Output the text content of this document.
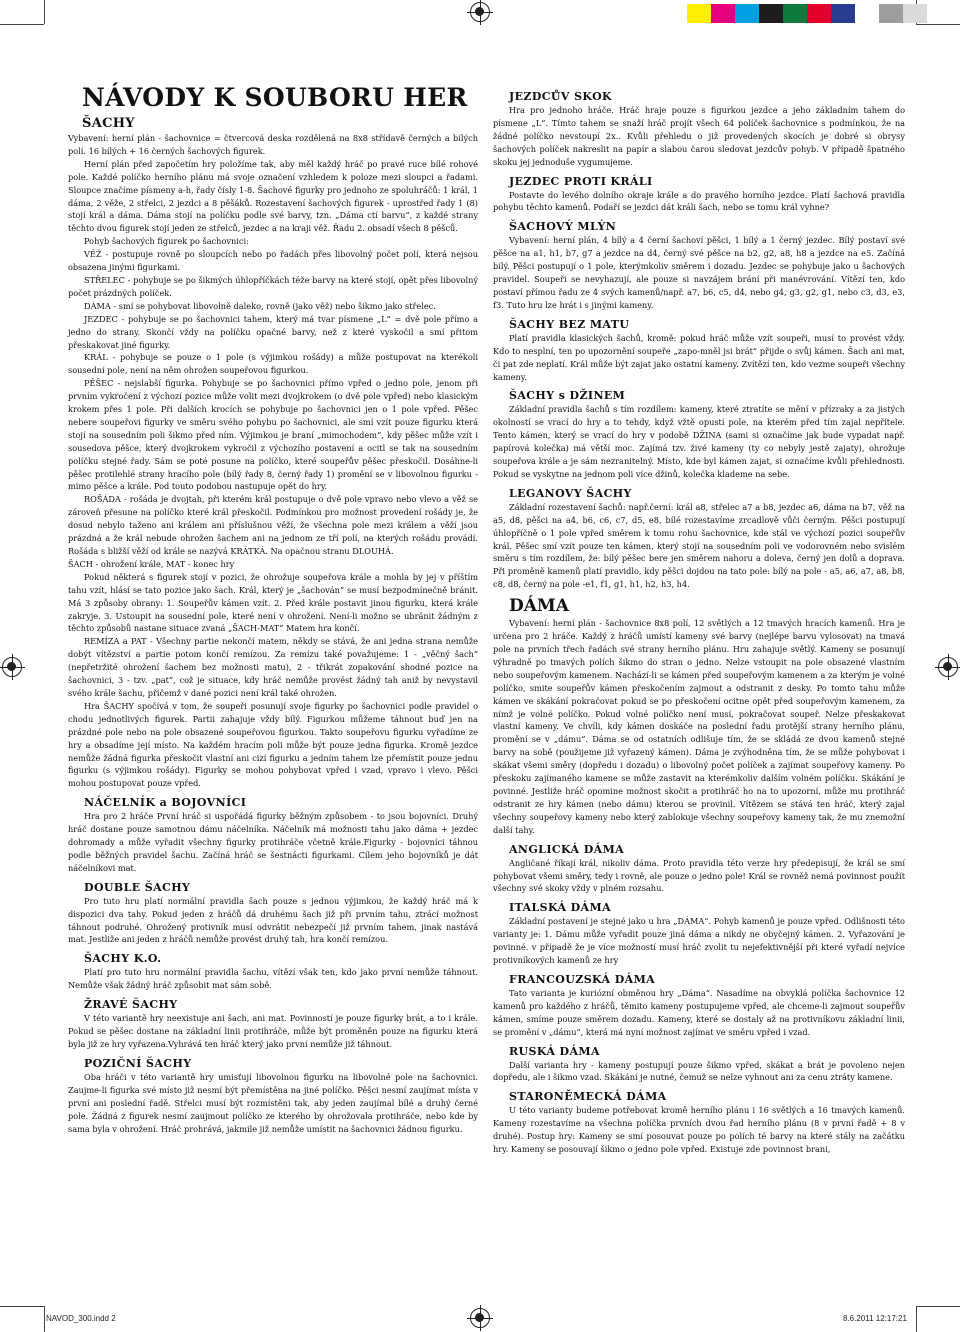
NÁVODY K SOUBORU HER
ŠACHY

Vybavení: herní plán - šachovnice = čtvercová deska rozdělená na 8x8 střídavě černých a bílých polí. 16 bílých + 16 černých šachových figurek.

Herní plán před započetím hry položíme tak, aby měl každý hráč po pravé ruce bílé rohové pole. Každé políčko herního plánu má svoje označení vzhledem k poloze mezi sloupci a řadami. Sloupce značíme písmeny a-h, řady čísly 1-8. Šachové figurky pro jednoho ze spoluhráčů: 1 král, 1 dáma, 2 věže, 2 střelci, 2 jezdci a 8 pěšáků. Rozestavení šachových figurek - uprostřed řady 1 (8) stojí král a dáma. Dáma stojí na políčku podle své barvy, tzn. „Dáma ctí barvu“, z každé strany těchto dvou figurek stojí jeden ze střelců, jezdec a na kraji věž. Řadu 2. obsadí všech 8 pěšců.

Pohyb šachových figurek po šachovnici:

VĚŽ - postupuje rovně po sloupcích nebo po řadách přes libovolný počet polí, která nejsou obsazena jinými figurkami.

STŘELEC - pohybuje se po šikmých úhlopříčkách téže barvy na které stojí, opět přes libovolný počet prázdných políček.

DÁMA - smí se pohybovat libovolně daleko, rovně (jako věž) nebo šikmo jako střelec.

JEZDEC - pohybuje se po šachovnici tahem, který má tvar písmene „L“ = dvě pole přímo a jedno do strany. Skončí vždy na políčku opačné barvy, než z které vyskočil a smí přitom přeskakovat jiné figurky.

KRÁL - pohybuje se pouze o 1 pole (s výjimkou rošády) a může postupovat na kterékoli sousední pole, není na něm ohrožen soupeřovou figurkou.

PĚŠEC - nejslabší figurka. Pohybuje se po šachovnici přímo vpřed o jedno pole, jenom při prvním vykročení z výchozí pozice může volit mezi dvojkrokem (o dvě pole vpřed) nebo klasickým krokem přes 1 pole. Při dalších krocích se pohybuje po šachovnici jen o 1 pole vpřed. Pěšec nebere soupeřovi figurky ve směru svého pohybu po šachovnici, ale smí vzít pouze figurku která stojí na sousedním poli šikmo před ním. Výjimkou je braní „mimochodem“, kdy pěšec může vzít i sousedova pěšce, který dvojkrokem vykročil z výchozího postavení a ocitl se tak na sousedním políčku stejné řady. Sám se poté posune na políčko, které soupeřův pěšec přeskočil. Dosáhne-li pěšec protilehlé strany hracího pole (bílý řady 8, černý řady 1) promění se v libovolnou figurku - mimo pěšce a krále. Pod touto podobou nastupuje opět do hry.

ROŠÁDA - rošáda je dvojtah, při kterém král postupuje o dvě pole vpravo nebo vlevo a věž se zároveň přesune na políčko které král přeskočil. Podmínkou pro možnost provedení rošády je, že dosud nebylo taženo ani králem ani příslušnou věží, že všechna pole mezi králem a věží jsou prázdná a že král nebude ohrožen šachem ani na jednom ze tří polí, na kterých rošádu provádí. Rošáda s bližší věží od krále se nazývá KRÁTKÁ. Na opačnou stranu DLOUHÁ.

ŠACH - ohrožení krále, MAT - konec hry

Pokud některá s figurek stojí v pozici, že ohrožuje soupeřova krále a mohla by jej v příštím tahu vzít, hlásí se tato pozice jako šach. Král, který je „šachován“ se musí bezpodmínečně bránit. Má 3 způsoby obrany: 1. Soupeřův kámen vzít. 2. Před krále postavit jinou figurku, která krále zakryje. 3. Ustoupit na sousední pole, které není v ohrožení. Není-li možno se ubránit žádným z těchto způsobů nastane situace zvaná „ŠACH-MAT“ Matem hra končí.

REMÍZA a PAT - Všechny partie nekončí matem, někdy se stává, že ani jedna strana nemůže dobýt vítězství a partie potom končí remízou. Za remízu také považujeme: 1 - „věčný šach“ (nepřetržité ohrožení šachem bez možnosti matu), 2 - třikrát zopakování shodné pozice na šachovnici, 3 - tzv. „pat“, což je situace, kdy hráč nemůže provést žádný tah aniž by nevystavil svého krále šachu, přičemž v dané pozici není král také ohrožen.

Hra ŠACHY spočívá v tom, že soupeři posunují svoje figurky po šachovnici podle pravidel o chodu jednotlivých figurek. Partii zahajuje vždy bílý. Figurkou můžeme táhnout buď jen na prázdné pole nebo na pole obsazené soupeřovou figurkou. Takto soupeřovu figurku vyřadíme ze hry a obsadíme její místo. Na každém hracím poli může být pouze jedna figurka. Kromě jezdce nemůže žádná figurka přeskočit vlastní ani cizí figurku a jedním tahem lze přemístit pouze jednu figurku (s výjimkou rošády). Figurky se mohou pohybovat vpřed i vzad, vpravo i vlevo. Pěšci mohou postupovat pouze vpřed.

NÁČELNÍK a BOJOVNÍCI

Hra pro 2 hráče První hráč si uspořádá figurky běžným způsobem - to jsou bojovníci. Druhý hráč dostane pouze samotnou dámu náčelníka. Náčelník má možnosti tahu jako dáma + jezdec dohromady a může vyřadit všechny figurky protihráče včetně krále.Figurky - bojovníci táhnou podle běžných pravidel šachu. Začíná hráč se šestnácti figurkami. Cílem jeho bojovníků je dát náčelníkovi mat.

DOUBLE ŠACHY

Pro tuto hru platí normální pravidla šach pouze s jednou výjimkou, že každý hráč má k dispozici dva tahy. Pokud jeden z hráčů dá druhému šach již při prvním tahu, ztrácí možnost táhnout podruhé. Ohrožený protivník musí odvrátit nebezpečí již prvním tahem, jinak nastává mat. Jestliže ani jeden z hráčů nemůže provést druhý tah, hra končí remízou.

ŠACHY K.O.

Platí pro tuto hru normální pravidla šachu, vítězí však ten, kdo jako první nemůže táhnout. Nemůže však žádný hráč způsobit mat sám sobě.

ŽRAVÉ ŠACHY

V této variantě hry neexistuje ani šach, ani mat. Povinností je pouze figurky brát, a to i krále. Pokud se pěšec dostane na základní linii protihráče, může být proměněn pouze na figurku která byla již ze hry vyřazena.Vyhrává ten hráč který jako první nemůže již táhnout.

POZIČNÍ ŠACHY

Oba hráči v této variantě hry umisťují libovolnou figurku na libovolné pole na šachovnici. Zaujme-li figurka své místo již nesmí být přemístěna na jiné políčko. Pěšci nesmí zaujímat místa v první ani poslední řadě. Střelci musí být rozmístěni tak, aby jeden zaujímal bílé a druhý černé pole. Žádná z figurek nesmí zaujmout políčko ze kterého by ohrožovala protihráče, nebo kde by sama byla v ohrožení. Hráč prohrává, jakmile již nemůže umístit na šachovnici žádnou figurku.

JEZDCŮV SKOK

Hra pro jednoho hráče. Hráč hraje pouze s figurkou jezdce a jeho základním tahem do písmene „L“. Tímto tahem se snaží hráč projít všech 64 políček šachovnice s podmínkou, že na žádné políčko nevstoupí 2x.. Kvůli přehledu o již provedených skocích je dobré si obrysy šachových políček nakreslit na papír a slabou čarou sledovat jezdcův pohyb. V případě špatného skoku jej jednoduše vygumujeme.

JEZDEC PROTI KRÁLI

Postavte do levého dolního okraje krále a do pravého horního jezdce. Platí šachová pravidla pohybu těchto kamenů. Podaří se jezdci dát králi šach, nebo se tomu král vyhne?

ŠACHOVÝ MLÝN

Vybavení: herní plán, 4 bílý a 4 černí šachoví pěšci, 1 bílý a 1 černý jezdec. Bílý postaví své pěšce na a1, h1, b7, g7 a jezdce na d4, černý své pěšce na b2, g2, a8, h8 a jezdce na e5. Začíná bílý. Pěšci postupují o 1 pole, kterýmkoliv směrem i dozadu. Jezdec se pohybuje jako u šachových pravidel. Soupeři se nevyhazují, ale pouze si navzájem brání při manévrování. Vítězí ten, kdo postaví přímou řadu ze 4 svých kamenů/např. a7, b6, c5, d4, nebo g4, g3, g2, g1, nebo c3, d3, e3, f3. Tuto hru lze hrát i s jinými kameny.

ŠACHY BEZ MATU

Platí pravidla klasických šachů, kromě: pokud hráč může vzít soupeři, musí to provést vždy. Kdo to nesplní, ten po upozornění soupeře „zapo-mněl jsi brát“ přijde o svůj kámen. Šach ani mat, či pat zde neplatí. Král může být zajat jako ostatní kameny. Zvítězí ten, kdo vezme soupeři všechny kameny.

ŠACHY s DŽINEM

Základní pravidla šachů s tím rozdílem: kameny, které ztratíte se mění v přízraky a za jistých okolností se vrací do hry a to tehdy, když vžtě opustí pole, na kterém před tím zajal nepřítele. Tento kámen, který se vrací do hry v podobě DŽINA (sami si označíme jak bude vypadat např. papírová kolečka) má větší moc. Zajímá tzv. živé kameny (ty co nebyly jestě zajaty), ohrožuje soupeřova krále a je sám nezranitelný. Místo, kde byl kámen zajat, si označíme kvůli přehlednosti. Pokud se vyskytne na jednom poli více džinů, kolečka klademe na sebe.

LEGANOVY ŠACHY

Základní rozestavení šachů: např.černí: král a8, střelec a7 a b8, jezdec a6, dáma na b7, věž na a5, d8, pěšci na a4, b6, c6, c7, d5, e8, bílé rozestavíme zrcadlově vůči černým. Pěšci postupují úhlopříčně o 1 pole vpřed směrem k tomu rohu šachovnice, kde stál ve výchozí pozici soupeřův král. Pěšec smí vzít pouze ten kámen, který stojí na sousedním poli ve vodorovném nebo svislém směru s tím rozdílem, že: bílý pěšec bere jen směrem nahoru a doleva, černý jen dolů a doprava. Při proměně kamenů platí pravidlo, kdy pěšci dojdou na tato pole: bílý na pole - a5, a6, a7, a8, b8, c8, d8, černý na pole -e1, f1, g1, h1, h2, h3, h4.

DÁMA

Vybavení: herní plán - šachovnice 8x8 polí, 12 světlých a 12 tmavých hracích kamenů. Hra je určena pro 2 hráče. Každý z hráčů umístí kameny své barvy (nejlépe barvu vylosovat) na tmavá pole na prvních třech řadách své strany herního plánu. Hru zahajuje světlý. Kameny se posunují výhradně po tmavých polích šikmo do stran o jedno. Nelze vstoupit na pole obsazené vlastním nebo soupeřovým kamenem. Nachází-li se kámen před soupeřovým kamenem a za kterým je volné políčko, smite soupeřův kámen přeskočením zajmout a odstranit z desky. Po tomto tahu může kámen ve skákání pokračovat pokud se po přeskočení ocitne opět před soupeřovým kamenem, za nímž je volné políčko. Pokud volné políčko není musí, pokračovat soupeř. Nelze přeskakovat vlastní kameny. Ve chvíli, kdy kámen doskáče na poslední řadu protější strany herního plánu, promění se v „dámu“. Dáma se od ostatních odlišuje tím, že se skládá ze dvou kamenů stejné barvy na sobě (použijeme již vyřazený kámen). Dáma je zvýhodněna tím, že se může pohybovat i skákat všemi směry (dopředu i dozadu) o libovolný počet políček a zajímat soupeřovy kameny. Po přeskoku zajímaného kamene se může zastavit na kterémkoliv dalším volném políčku. Skákání je povinné. Jestliže hráč opomine možnost skočit a protihráč ho na to upozorní, může mu protihráč odstranit ze hry kámen (nebo dámu) kterou se provinil. Vítězem se stává ten hráč, který zajal všechny soupeřovy kameny nebo který zablokuje všechny soupeřovy kameny tak, že mu znemožní další tahy.

ANGLICKÁ DÁMA

Angličané říkají král, nikoliv dáma. Proto pravidla této verze hry předepisují, že král se smí pohybovat všemi směry, tedy i rovně, ale pouze o jedno pole! Král se rovněž nemá povinnost použít všechny své skoky vždy v plném rozsahu.

ITALSKÁ DÁMA

Základní postavení je stejné jako u hra „DÁMA“. Pohyb kamenů je pouze vpřed. Odlišnosti této varianty je: 1. Dámu může vyřadit pouze jiná dáma a nikdy ne obyčejný kámen. 2. Vyřazování je povinné. v případě že je více možností musí hráč zvolit tu nejefektivnější při které vyřadí nejvíce protivníkových kamenů ze hry

FRANCOUZSKÁ DÁMA

Tato varianta je kuriózní obměnou hry „Dáma“. Nasadíme na obvyklá políčka šachovnice 12 kamenů pro každého z hráčů, těmito kameny postupujeme vpřed, ale chceme-li zajmout soupeřův kámen, smíme pouze směrem dozadu. Kameny, které se dostaly až na protivníkovu základní linii, se promění v „dámu“, která má nyní možnost zajímat ve směru vpřed i vzad.

RUSKÁ DÁMA

Další varianta hry - kameny postupují pouze šikmo vpřed, skákat a brát je povoleno nejen dopředu, ale i šikmo vzad. Skákání je nutné, čemuž se nelze vyhnout ani za cenu ztráty kamene.

STARONĚMECKÁ DÁMA

U této varianty budeme potřebovat kromě herního plánu i 16 světlých a 16 tmavých kamenů. Kameny rozestavíme na všechna políčka prvních dvou řad herního plánu (8 v první řadě + 8 v druhé). Postup hry: Kameny se smí posouvat pouze po polích té barvy na které stály na začátku hry. Kameny se posouvají šikmo o jedno pole vpřed. Existuje zde povinnost brani,

NAVOD_300.indd 2	8.6.2011 12:17:21
